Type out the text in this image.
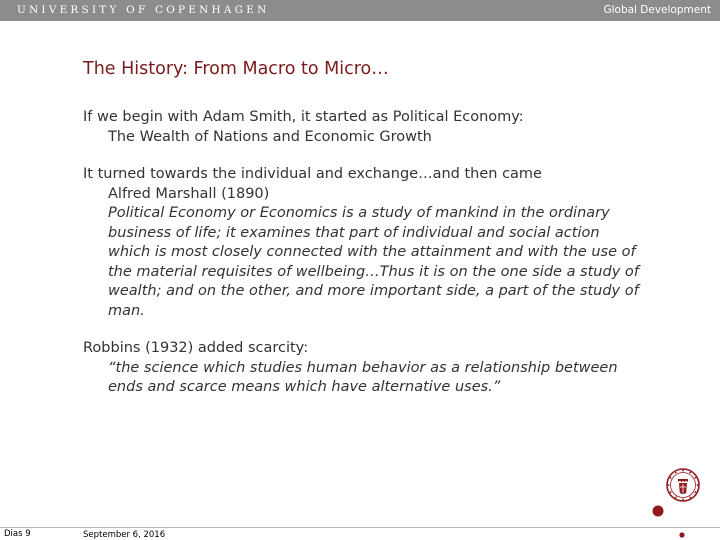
UNIVERSITY OF COPENHAGEN	Global Development
The History: From Macro to Micro…
If we begin with Adam Smith, it started as Political Economy:
The Wealth of Nations and Economic Growth
It turned towards the individual and exchange…and then came
Alfred Marshall (1890)
Political Economy or Economics is a study of mankind in the ordinary business of life; it examines that part of individual and social action which is most closely connected with the attainment and with the use of the material requisites of wellbeing…Thus it is on the one side a study of wealth; and on the other, and more important side, a part of the study of man.
Robbins (1932) added scarcity:
“the science which studies human behavior as a relationship between ends and scarce means which have alternative uses.”
Dias 9	September 6, 2016
